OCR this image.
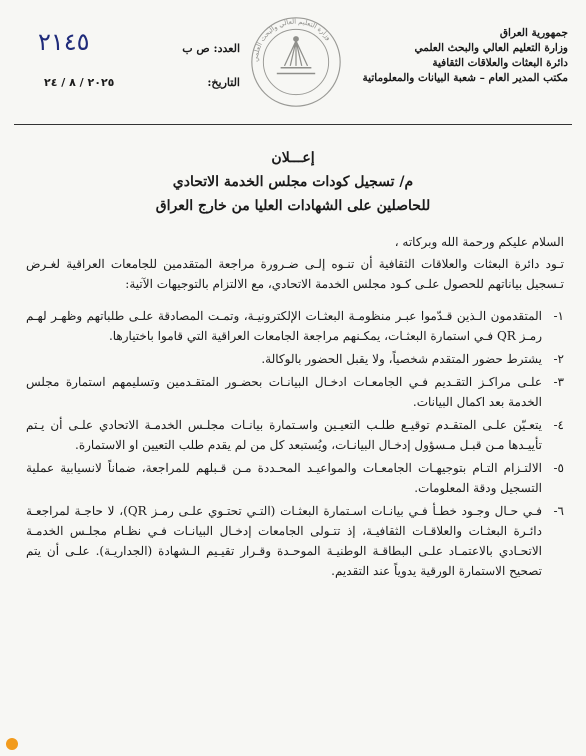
جمهورية العراق
وزارة التعليم العالي والبحث العلمي
دائرة البعثات والعلاقات الثقافية
مكتب المدير العام – شعبة البيانات والمعلوماتية
وزارة التعليم العالي والبحث العلمي
العدد: ص ب
٢١٤٥
التاريخ:
٢٠٢٥ / ٨ / ٢٤
إعـــلان
م/ تسجيل كودات مجلس الخدمة الاتحادي
للحاصلين على الشهادات العليا من خارج العراق

السلام عليكم ورحمة الله وبركاته ،

تـود دائرة البعثات والعلاقات الثقافية أن تنـوه إلـى ضـرورة مراجعة المتقدمين للجامعات العراقية لغـرض تـسجيل بياناتهم للحصول علـى كـود مجلس الخدمة الاتحادي، مع الالتزام بالتوجيهات الآتية:

١-
المتقدمون الـذين قـدّموا عبـر منظومـة البعثـات الإلكترونيـة، وتمـت المصادقة علـى طلباتهم وظهـر لهـم رمـز QR فـي استمارة البعثـات، يمكـنهم مراجعة الجامعات العراقية التي قاموا باختيارها.
٢-
يشترط حضور المتقدم شخصياً، ولا يقبل الحضور بالوكالة.
٣-
علـى مراكـز التقـديم فـي الجامعـات ادخـال البيانـات بحضـور المتقـدمين وتسليمهم استمارة مجلس الخدمة بعد اكمال البيانات.
٤-
يتعـيّن علـى المتقـدم توقيـع طلـب التعيـين واسـتمارة بيانـات مجلـس الخدمـة الاتحادي علـى أن يـتم تأييـدها مـن قبـل مـسؤول إدخـال البيانـات، ويُستبعد كل من لم يقدم طلب التعيين او الاستمارة.
٥-
الالتـزام التـام بتوجيهـات الجامعـات والمواعيـد المحـددة مـن قـبلهم للمراجعة، ضماناً لانسيابية عملية التسجيل ودقة المعلومات.
٦-
فـي حـال وجـود خطـأ فـي بيانـات اسـتمارة البعثـات (التـي تحتـوي علـى رمـز QR)، لا حاجـة لمراجعـة دائـرة البعثـات والعلاقـات الثقافيـة، إذ تتـولى الجامعات إدخـال البيانـات فـي نظـام مجلـس الخدمـة الاتحـادي بالاعتمـاد علـى البطاقـة الوطنيـة الموحـدة وقـرار تقيـيم الـشهادة (الجداريـة). علـى أن يتم تصحيح الاستمارة الورقية يدوياً عند التقديم.
